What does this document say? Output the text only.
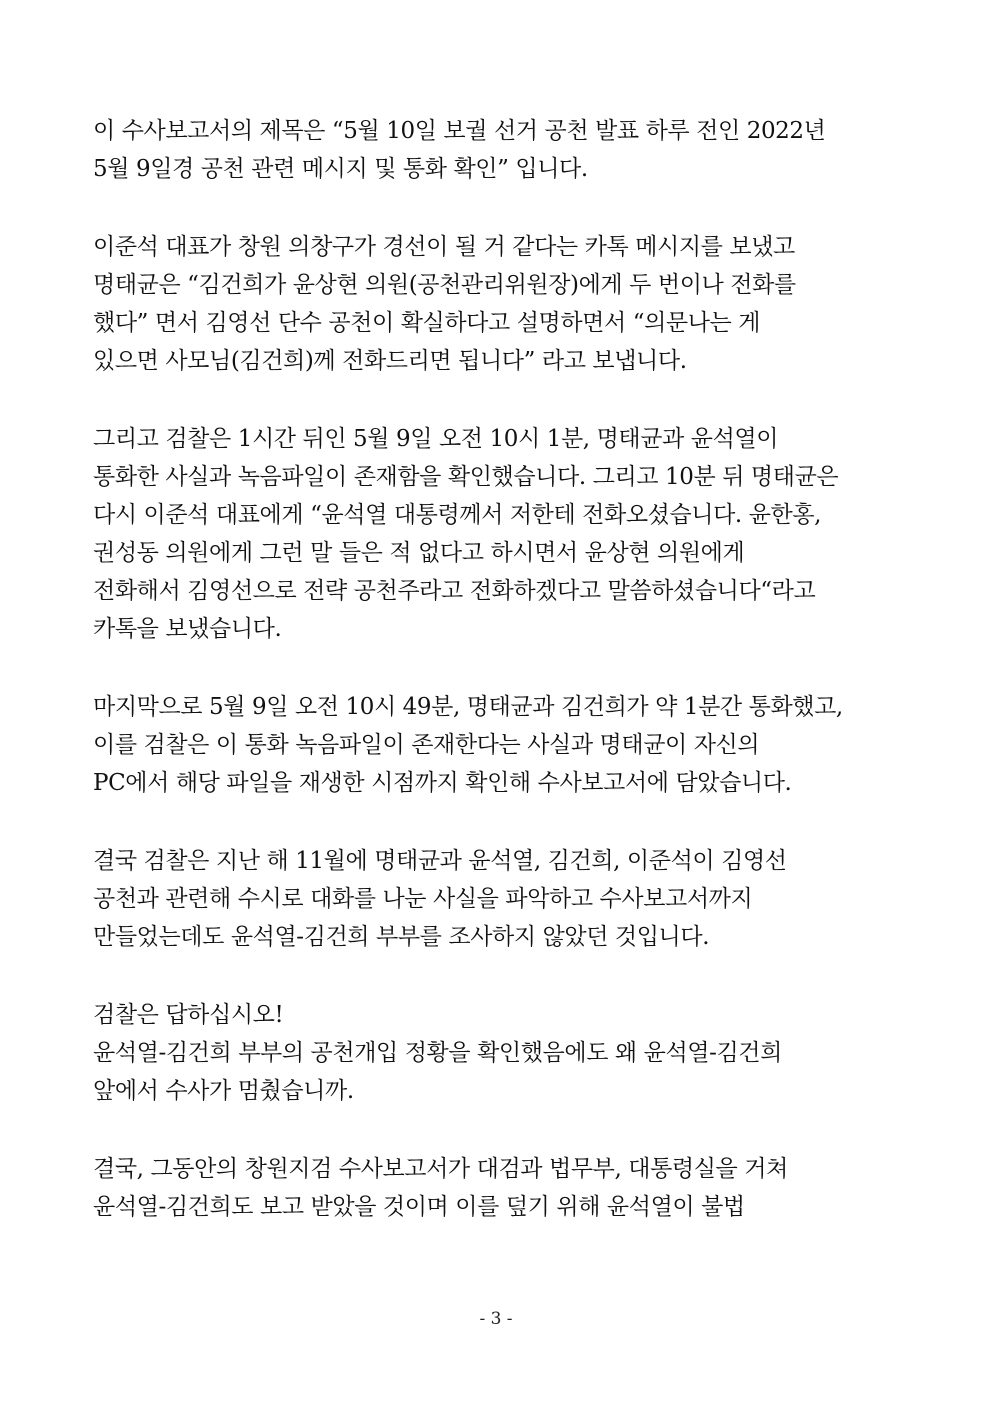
이 수사보고서의 제목은 “5월 10일 보궐 선거 공천 발표 하루 전인 2022년
5월 9일경 공천 관련 메시지 및 통화 확인” 입니다.

이준석 대표가 창원 의창구가 경선이 될 거 같다는 카톡 메시지를 보냈고
명태균은 “김건희가 윤상현 의원(공천관리위원장)에게 두 번이나 전화를
했다” 면서 김영선 단수 공천이 확실하다고 설명하면서 “의문나는 게
있으면 사모님(김건희)께 전화드리면 됩니다” 라고 보냅니다.

그리고 검찰은 1시간 뒤인 5월 9일 오전 10시 1분, 명태균과 윤석열이
통화한 사실과 녹음파일이 존재함을 확인했습니다. 그리고 10분 뒤 명태균은
다시 이준석 대표에게 “윤석열 대통령께서 저한테 전화오셨습니다. 윤한홍,
권성동 의원에게 그런 말 들은 적 없다고 하시면서 윤상현 의원에게
전화해서 김영선으로 전략 공천주라고 전화하겠다고 말씀하셨습니다“라고
카톡을 보냈습니다.

마지막으로 5월 9일 오전 10시 49분, 명태균과 김건희가 약 1분간 통화했고,
이를 검찰은 이 통화 녹음파일이 존재한다는 사실과 명태균이 자신의
PC에서 해당 파일을 재생한 시점까지 확인해 수사보고서에 담았습니다.

결국 검찰은 지난 해 11월에 명태균과 윤석열, 김건희, 이준석이 김영선
공천과 관련해 수시로 대화를 나눈 사실을 파악하고 수사보고서까지
만들었는데도 윤석열-김건희 부부를 조사하지 않았던 것입니다.

검찰은 답하십시오!
윤석열-김건희 부부의 공천개입 정황을 확인했음에도 왜 윤석열-김건희
앞에서 수사가 멈췄습니까.

결국, 그동안의 창원지검 수사보고서가 대검과 법무부, 대통령실을 거쳐
윤석열-김건희도 보고 받았을 것이며 이를 덮기 위해 윤석열이 불법

- 3 -
